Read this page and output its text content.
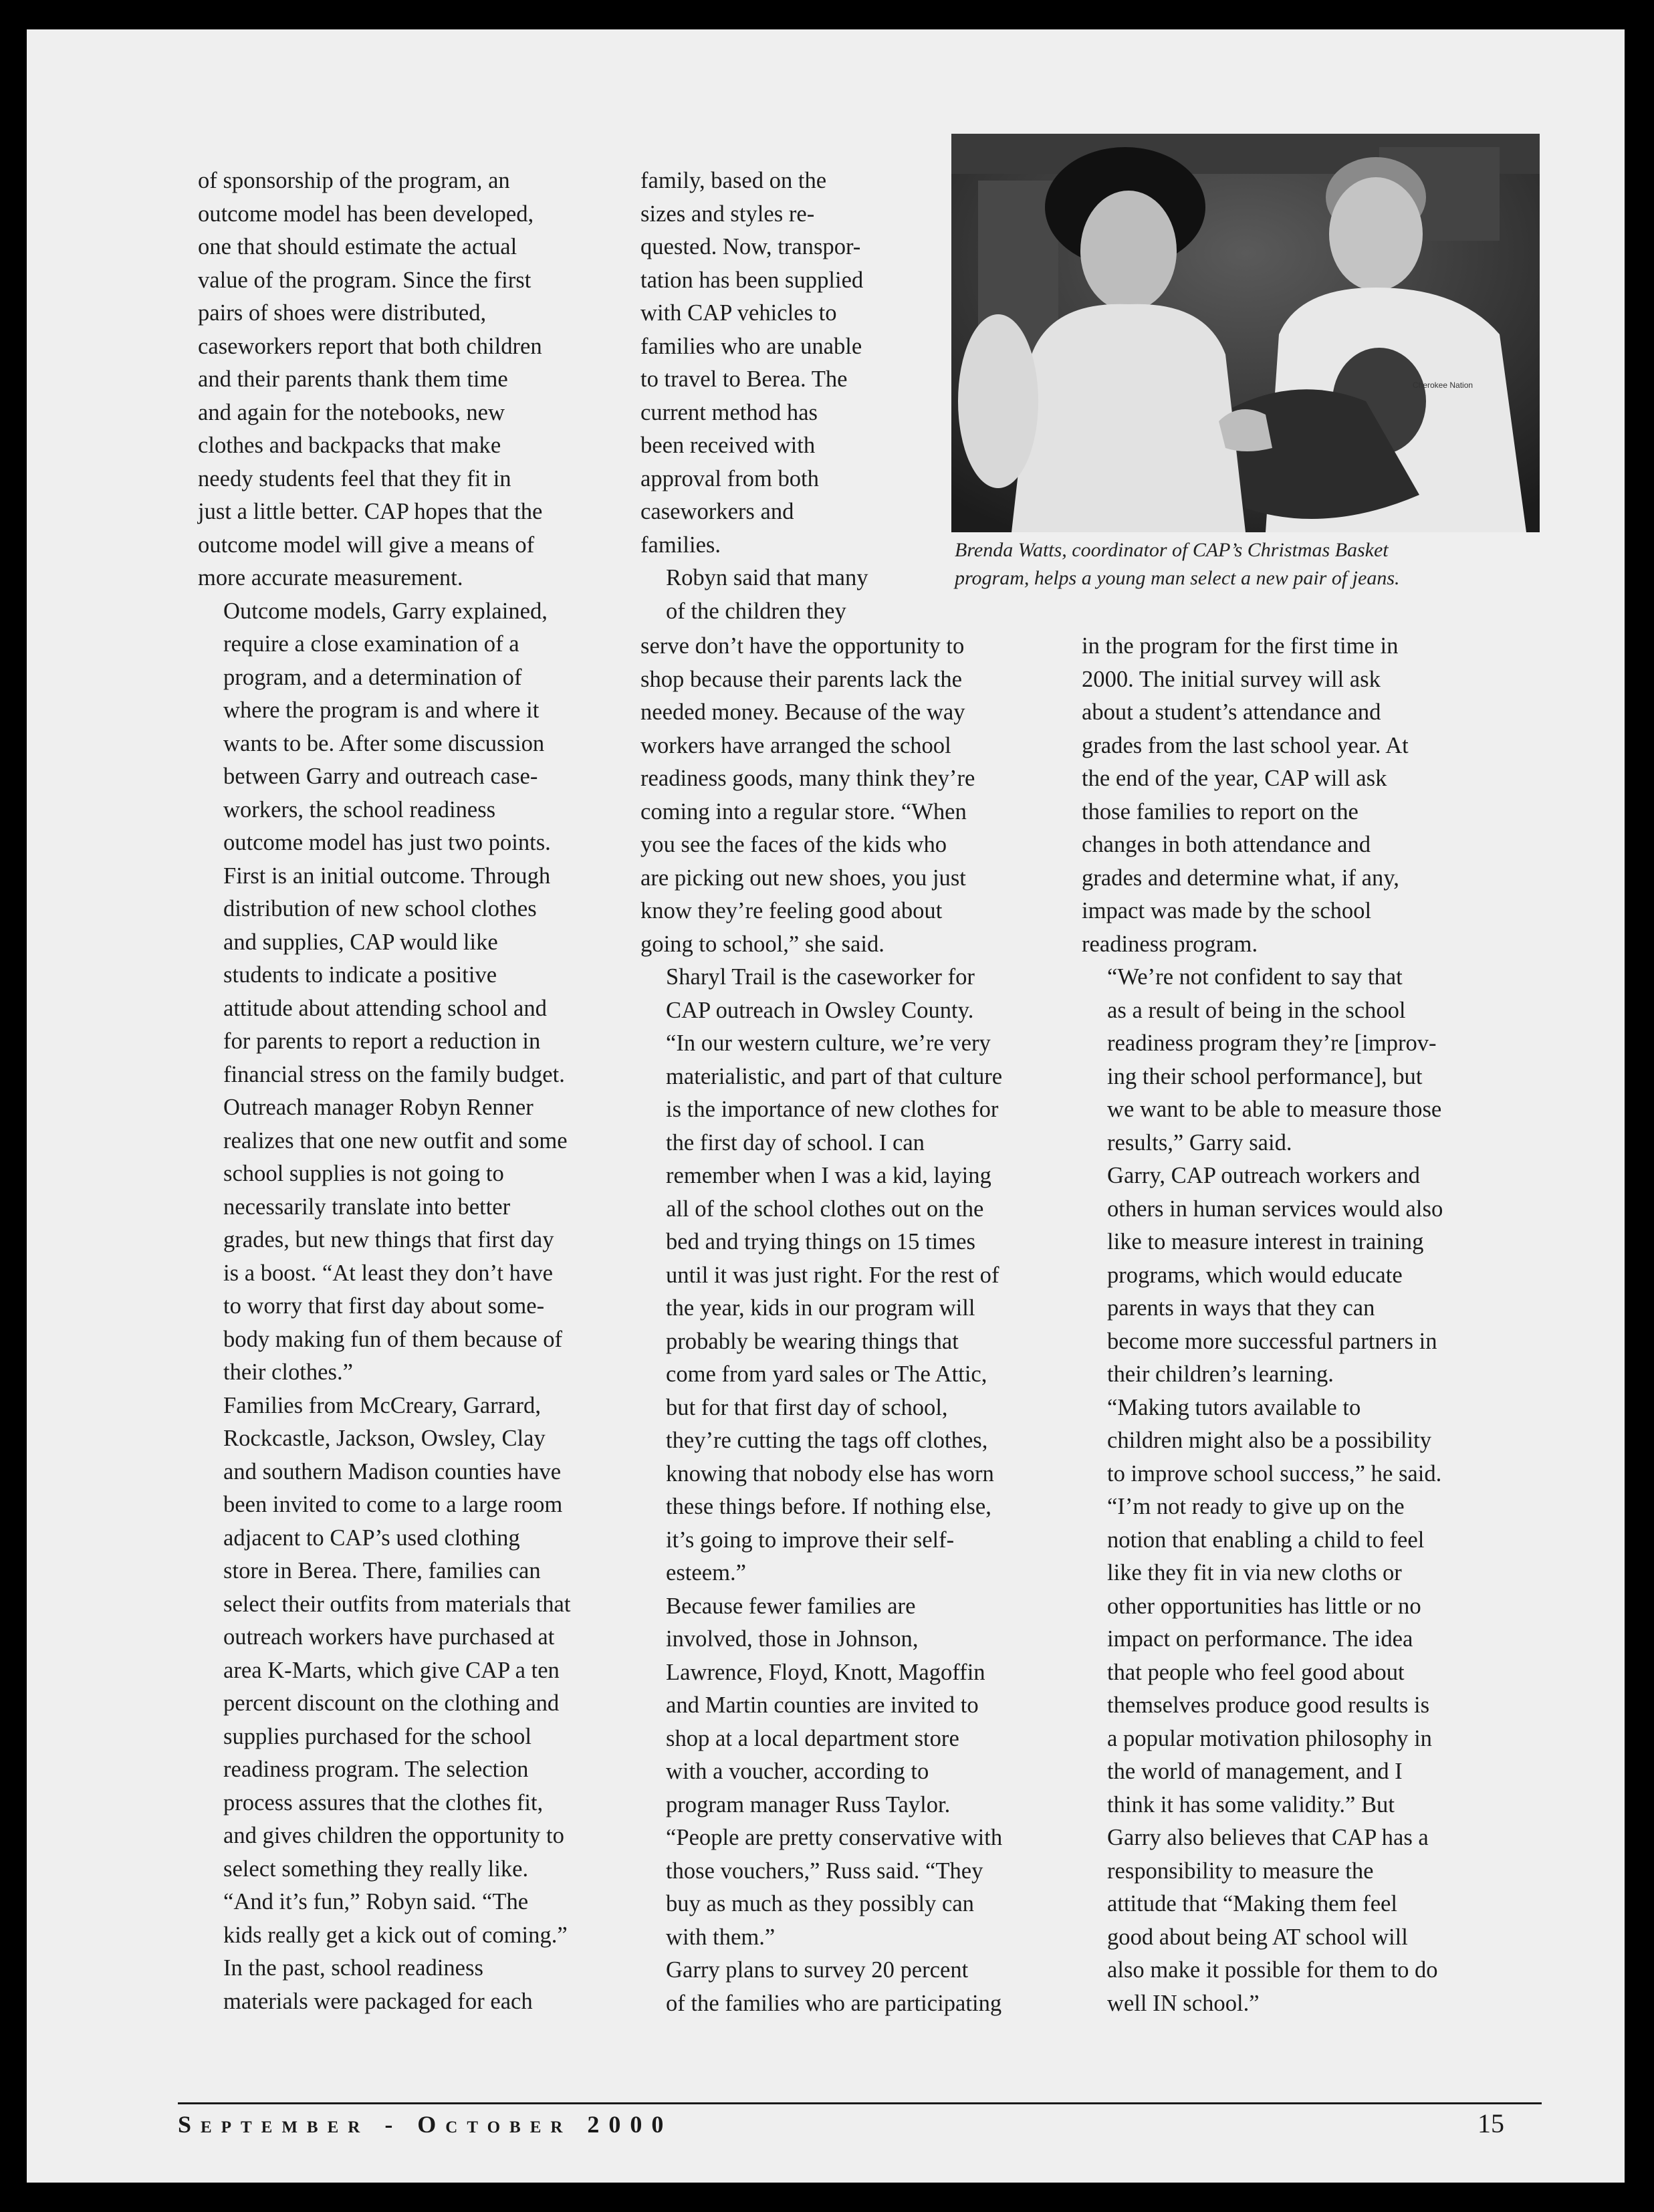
of sponsorship of the program, an
outcome model has been developed,
one that should estimate the actual
value of the program. Since the first
pairs of shoes were distributed,
caseworkers report that both children
and their parents thank them time
and again for the notebooks, new
clothes and backpacks that make
needy students feel that they fit in
just a little better. CAP hopes that the
outcome model will give a means of
more accurate measurement.

Outcome models, Garry explained,
require a close examination of a
program, and a determination of
where the program is and where it
wants to be. After some discussion
between Garry and outreach case-
workers, the school readiness
outcome model has just two points.
First is an initial outcome. Through
distribution of new school clothes
and supplies, CAP would like
students to indicate a positive
attitude about attending school and
for parents to report a reduction in
financial stress on the family budget.

Outreach manager Robyn Renner
realizes that one new outfit and some
school supplies is not going to
necessarily translate into better
grades, but new things that first day
is a boost. “At least they don’t have
to worry that first day about some-
body making fun of them because of
their clothes.”

Families from McCreary, Garrard,
Rockcastle, Jackson, Owsley, Clay
and southern Madison counties have
been invited to come to a large room
adjacent to CAP’s used clothing
store in Berea. There, families can
select their outfits from materials that
outreach workers have purchased at
area K-Marts, which give CAP a ten
percent discount on the clothing and
supplies purchased for the school
readiness program. The selection
process assures that the clothes fit,
and gives children the opportunity to
select something they really like.
“And it’s fun,” Robyn said. “The
kids really get a kick out of coming.”

In the past, school readiness
materials were packaged for each

family, based on the
sizes and styles re-
quested. Now, transpor-
tation has been supplied
with CAP vehicles to
families who are unable
to travel to Berea. The
current method has
been received with
approval from both
caseworkers and
families.

Robyn said that many
of the children they

serve don’t have the opportunity to
shop because their parents lack the
needed money. Because of the way
workers have arranged the school
readiness goods, many think they’re
coming into a regular store. “When
you see the faces of the kids who
are picking out new shoes, you just
know they’re feeling good about
going to school,” she said.

Sharyl Trail is the caseworker for
CAP outreach in Owsley County.
“In our western culture, we’re very
materialistic, and part of that culture
is the importance of new clothes for
the first day of school. I can
remember when I was a kid, laying
all of the school clothes out on the
bed and trying things on 15 times
until it was just right. For the rest of
the year, kids in our program will
probably be wearing things that
come from yard sales or The Attic,
but for that first day of school,
they’re cutting the tags off clothes,
knowing that nobody else has worn
these things before. If nothing else,
it’s going to improve their self-
esteem.”

Because fewer families are
involved, those in Johnson,
Lawrence, Floyd, Knott, Magoffin
and Martin counties are invited to
shop at a local department store
with a voucher, according to
program manager Russ Taylor.
“People are pretty conservative with
those vouchers,” Russ said. “They
buy as much as they possibly can
with them.”

Garry plans to survey 20 percent
of the families who are participating

in the program for the first time in
2000. The initial survey will ask
about a student’s attendance and
grades from the last school year. At
the end of the year, CAP will ask
those families to report on the
changes in both attendance and
grades and determine what, if any,
impact was made by the school
readiness program.

“We’re not confident to say that
as a result of being in the school
readiness program they’re [improv-
ing their school performance], but
we want to be able to measure those
results,” Garry said.

Garry, CAP outreach workers and
others in human services would also
like to measure interest in training
programs, which would educate
parents in ways that they can
become more successful partners in
their children’s learning.

“Making tutors available to
children might also be a possibility
to improve school success,” he said.
“I’m not ready to give up on the
notion that enabling a child to feel
like they fit in via new cloths or
other opportunities has little or no
impact on performance. The idea
that people who feel good about
themselves produce good results is
a popular motivation philosophy in
the world of management, and I
think it has some validity.” But
Garry also believes that CAP has a
responsibility to measure the
attitude that “Making them feel
good about being AT school will
also make it possible for them to do
well IN school.”

Cherokee Nation
Brenda Watts, coordinator of CAP’s Christmas Basket
program, helps a young man select a new pair of jeans.
September - October 2000	15
